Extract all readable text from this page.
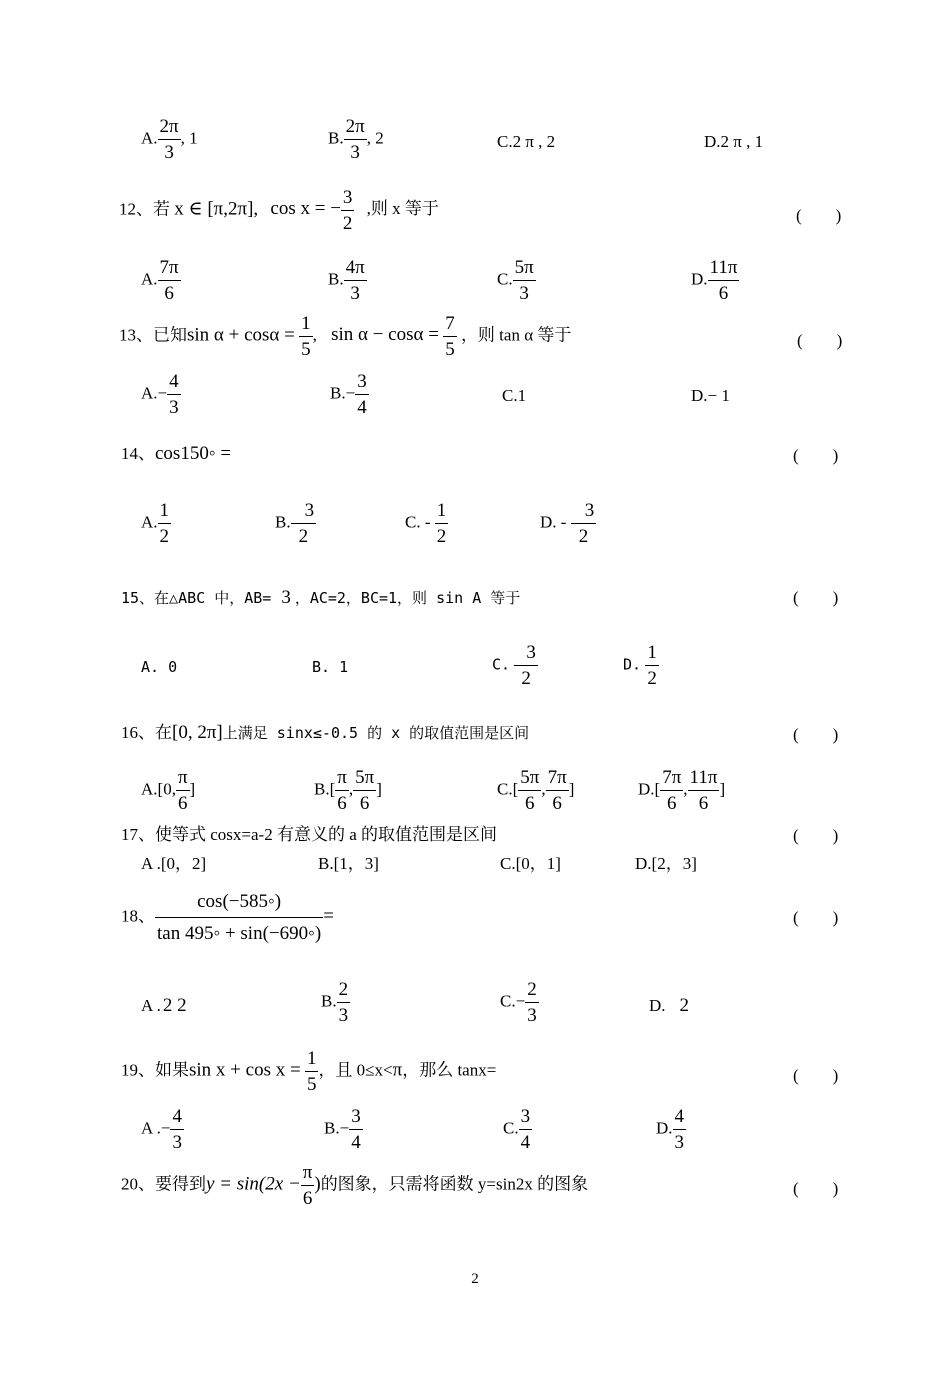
A. $\frac{2\pi}{3}$ , 1	B. $\frac{2\pi}{3}$ , 2	C.2 π , 2	D.2 π , 1
12、若 x ∈ [π,2π], cos x = − $\frac{3}{2}$ ,则 x 等于	( )
A. $\frac{7\pi}{6}$	B. $\frac{4\pi}{3}$	C. $\frac{5\pi}{3}$	D. $\frac{11\pi}{6}$
13、已知$\sin \alpha + \cos\alpha = \frac{1}{5}$ , $\sin \alpha - \cos\alpha = \frac{7}{5}$ ，则 tan α 等于	( )
$A.- \frac{4}{3}$	$B.- \frac{3}{4}$	C.1	D.− 1
14、cos150◦ =	( )
A. $\frac{1}{2}$	B. $\frac{3}{2}$	C. - $\frac{1}{2}$	D. - $\frac{3}{2}$
15、在△ABC 中，AB= 3 ，AC=2，BC=1，则 sin A 等于	( )
A. 0	B. 1	C. $\frac{3}{2}$	D. $\frac{1}{2}$
16、在[0, 2π]上满足 sinx≤-0.5 的 x 的取值范围是区间	( )
A.[0, $\frac{\pi}{6}$ ]	$B.[ \frac{\pi}{6}$ , $\frac{5\pi}{6}$ ]	$C.[ \frac{5\pi}{6}$ , $\frac{7\pi}{6}$ ]	$D.[ \frac{7\pi}{6}$ , $\frac{11\pi}{6}$ ]
17、使等式 cosx=a-2 有意义的 a 的取值范围是区间	( )
A .[0，2]	B.[1，3]	C.[0，1]	D.[2，3]
18、 $\frac{\cos(-585◦)}{\tan 495◦ + \sin(-690◦)}$ =	( )
A . 2 2	B. $\frac{2}{3}$	$C.- \frac{2}{3}$	D. 2
19、如果$\sin x + \cos x = \frac{1}{5}$ ，且 0≤x<π，那么 tanx=	( )
A .− $\frac{4}{3}$	$B.- \frac{3}{4}$	C. $\frac{3}{4}$	D. $\frac{4}{3}$
20、要得到$y = \sin(2x - \frac{\pi}{6}$ )的图象，只需将函数 y=sin2x 的图象	( )
2
